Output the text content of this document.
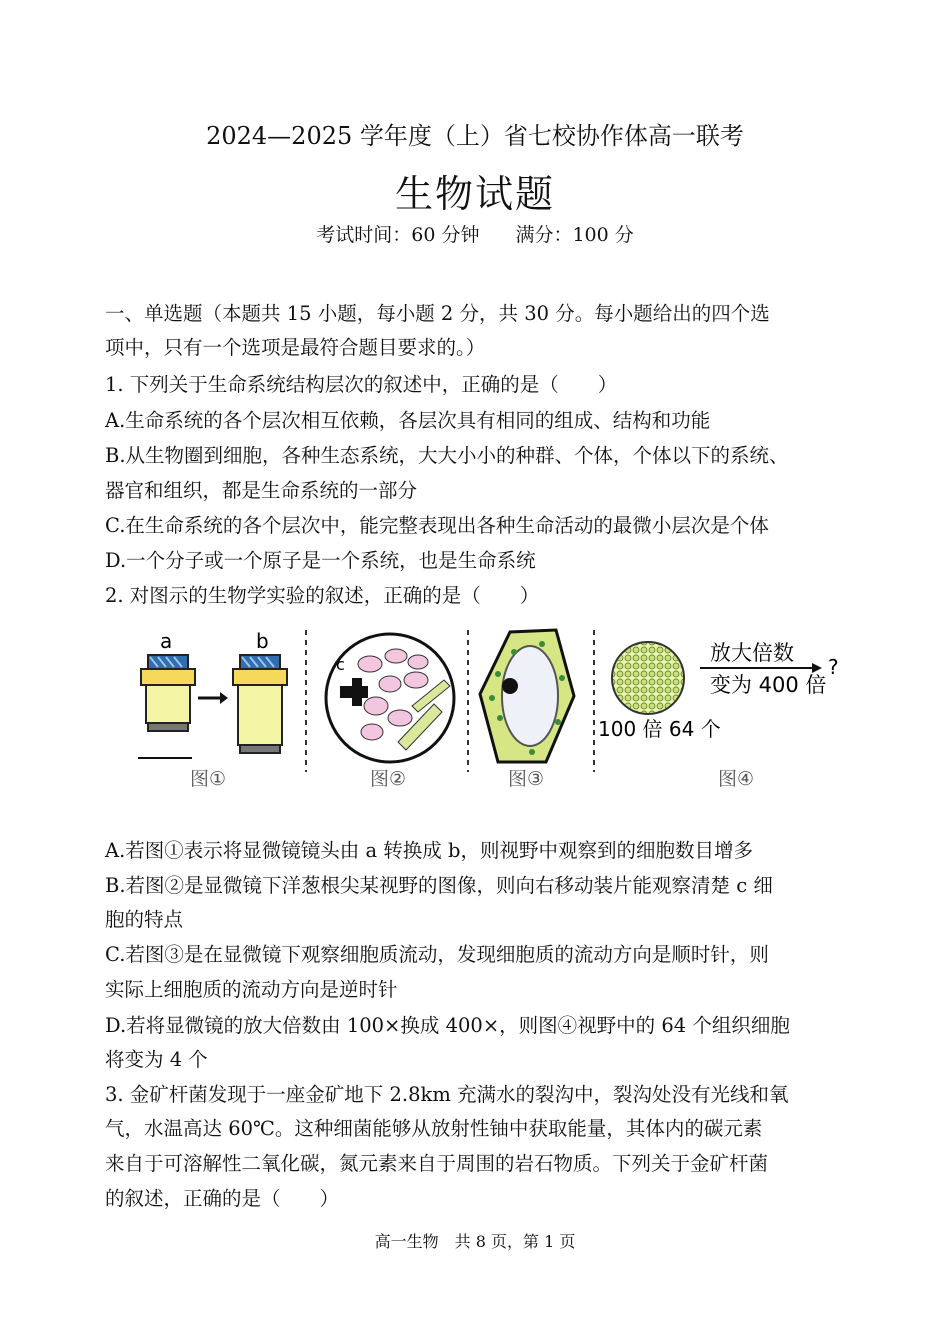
2024—2025 学年度（上）省七校协作体高一联考
生物试题
考试时间：60 分钟 满分：100 分
一、单选题（本题共 15 小题，每小题 2 分，共 30 分。每小题给出的四个选
项中，只有一个选项是最符合题目要求的。）
1. 下列关于生命系统结构层次的叙述中，正确的是（　　）
A.生命系统的各个层次相互依赖，各层次具有相同的组成、结构和功能
B.从生物圈到细胞，各种生态系统，大大小小的种群、个体，个体以下的系统、
器官和组织，都是生命系统的一部分
C.在生命系统的各个层次中，能完整表现出各种生命活动的最微小层次是个体
D.一个分子或一个原子是一个系统，也是生命系统
2. 对图示的生物学实验的叙述，正确的是（　　）
a	b
图①
c
图②	图③
放大倍数
?
变为 400 倍
100 倍 64 个
图④
A.若图①表示将显微镜镜头由 a 转换成 b，则视野中观察到的细胞数目增多
B.若图②是显微镜下洋葱根尖某视野的图像，则向右移动装片能观察清楚 c 细
胞的特点
C.若图③是在显微镜下观察细胞质流动，发现细胞质的流动方向是顺时针，则
实际上细胞质的流动方向是逆时针
D.若将显微镜的放大倍数由 100×换成 400×，则图④视野中的 64 个组织细胞
将变为 4 个
3. 金矿杆菌发现于一座金矿地下 2.8km 充满水的裂沟中，裂沟处没有光线和氧
气，水温高达 60℃。这种细菌能够从放射性铀中获取能量，其体内的碳元素
来自于可溶解性二氧化碳，氮元素来自于周围的岩石物质。下列关于金矿杆菌
的叙述，正确的是（　　）
高一生物　共 8 页，第 1 页
